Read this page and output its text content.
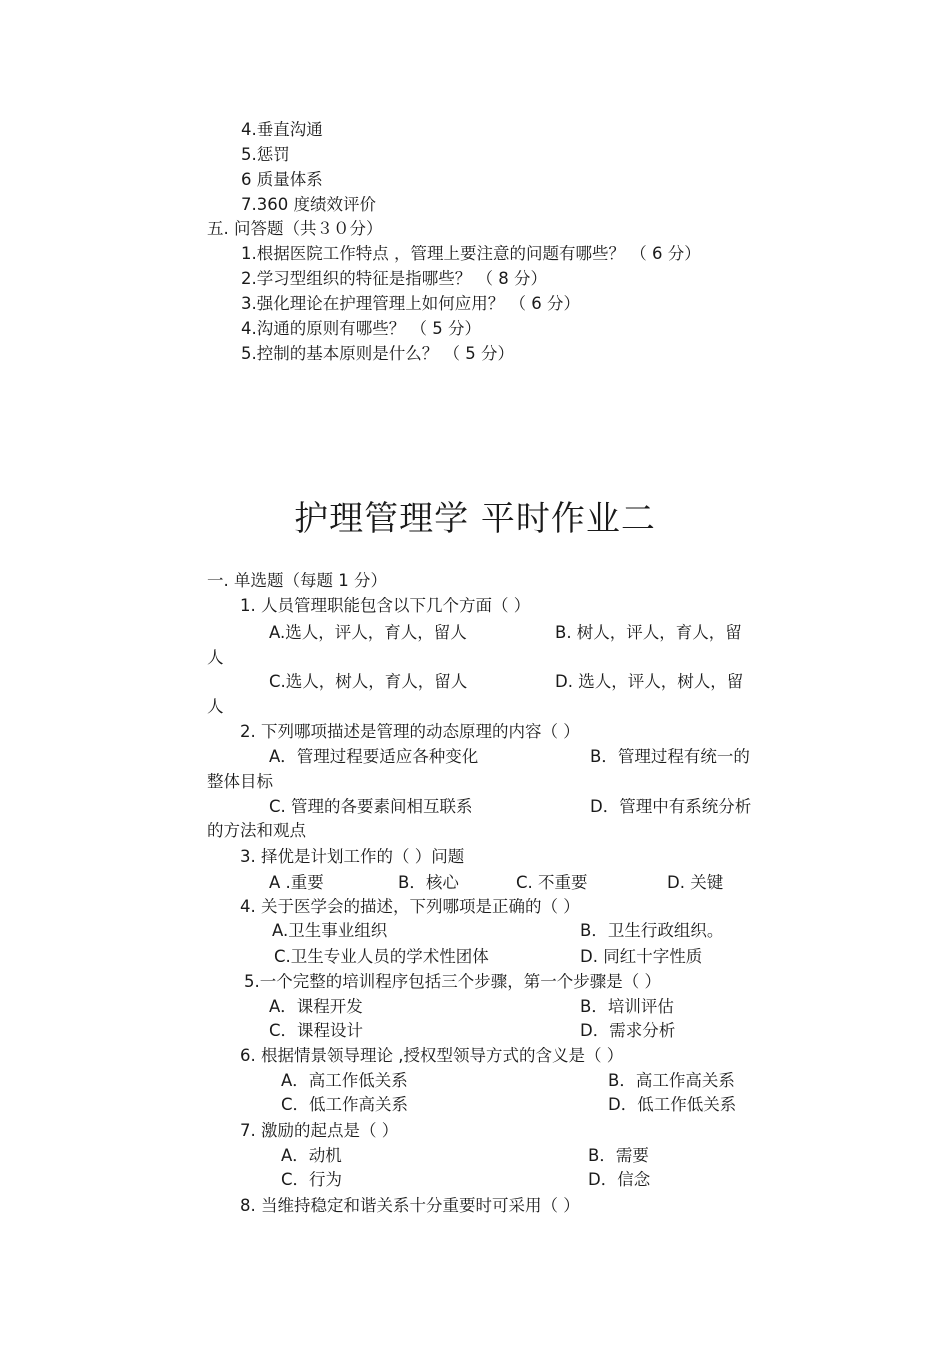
4.垂直沟通
5.惩罚
6 质量体系
7.360 度绩效评价
五. 问答题（共３０分）
1.根据医院工作特点 ，管理上要注意的问题有哪些？ （ 6 分）
2.学习型组织的特征是指哪些？ （ 8 分）
3.强化理论在护理管理上如何应用？ （ 6 分）
4.沟通的原则有哪些？ （ 5 分）
5.控制的基本原则是什么？ （ 5 分）
护理管理学 平时作业二
一. 单选题（每题 1 分）
1. 人员管理职能包含以下几个方面（ ）
A.选人，评人，育人，留人	B. 树人，评人，育人，留
人
C.选人，树人，育人，留人	D. 选人，评人，树人，留
人
2. 下列哪项描述是管理的动态原理的内容（ ）
A．管理过程要适应各种变化	B．管理过程有统一的
整体目标
C. 管理的各要素间相互联系	D．管理中有系统分析
的方法和观点
3. 择优是计划工作的（ ）问题
A .重要	B．核心	C. 不重要	D. 关键
4. 关于医学会的描述，下列哪项是正确的（ ）
A.卫生事业组织	B．卫生行政组织。
C.卫生专业人员的学术性团体	D. 同红十字性质
5.一个完整的培训程序包括三个步骤，第一个步骤是（ ）
A．课程开发	B．培训评估
C．课程设计	D．需求分析
6. 根据情景领导理论 ,授权型领导方式的含义是（ ）
A．高工作低关系	B．高工作高关系
C．低工作高关系	D．低工作低关系
7. 激励的起点是（ ）
A．动机	B．需要
C．行为	D．信念
8. 当维持稳定和谐关系十分重要时可采用（ ）
